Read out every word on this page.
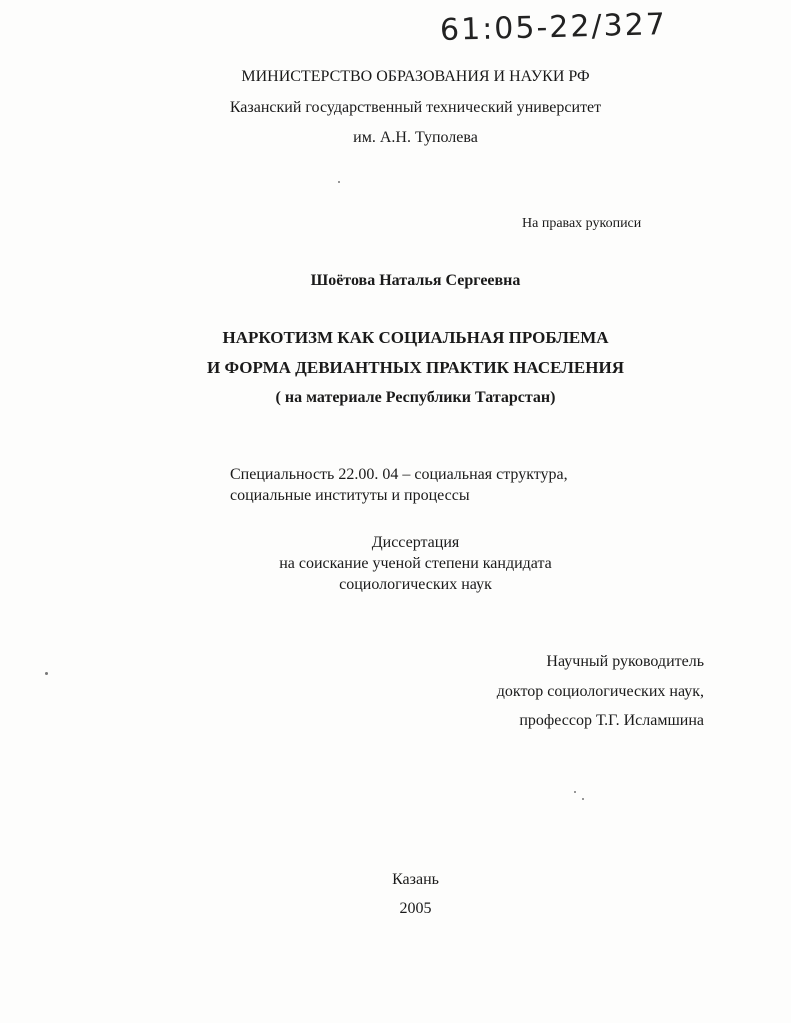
61:05-22/327
МИНИСТЕРСТВО ОБРАЗОВАНИЯ И НАУКИ РФ
Казанский государственный технический университет
им. А.Н. Туполева
На правах рукописи
Шоётова Наталья Сергеевна
НАРКОТИЗМ КАК СОЦИАЛЬНАЯ ПРОБЛЕМА
И ФОРМА ДЕВИАНТНЫХ ПРАКТИК НАСЕЛЕНИЯ
( на материале Республики Татарстан)
Специальность 22.00. 04 – социальная структура,
социальные институты и процессы
Диссертация
на соискание ученой степени кандидата
социологических наук
Научный руководитель
доктор социологических наук,
профессор Т.Г. Исламшина
Казань
2005
